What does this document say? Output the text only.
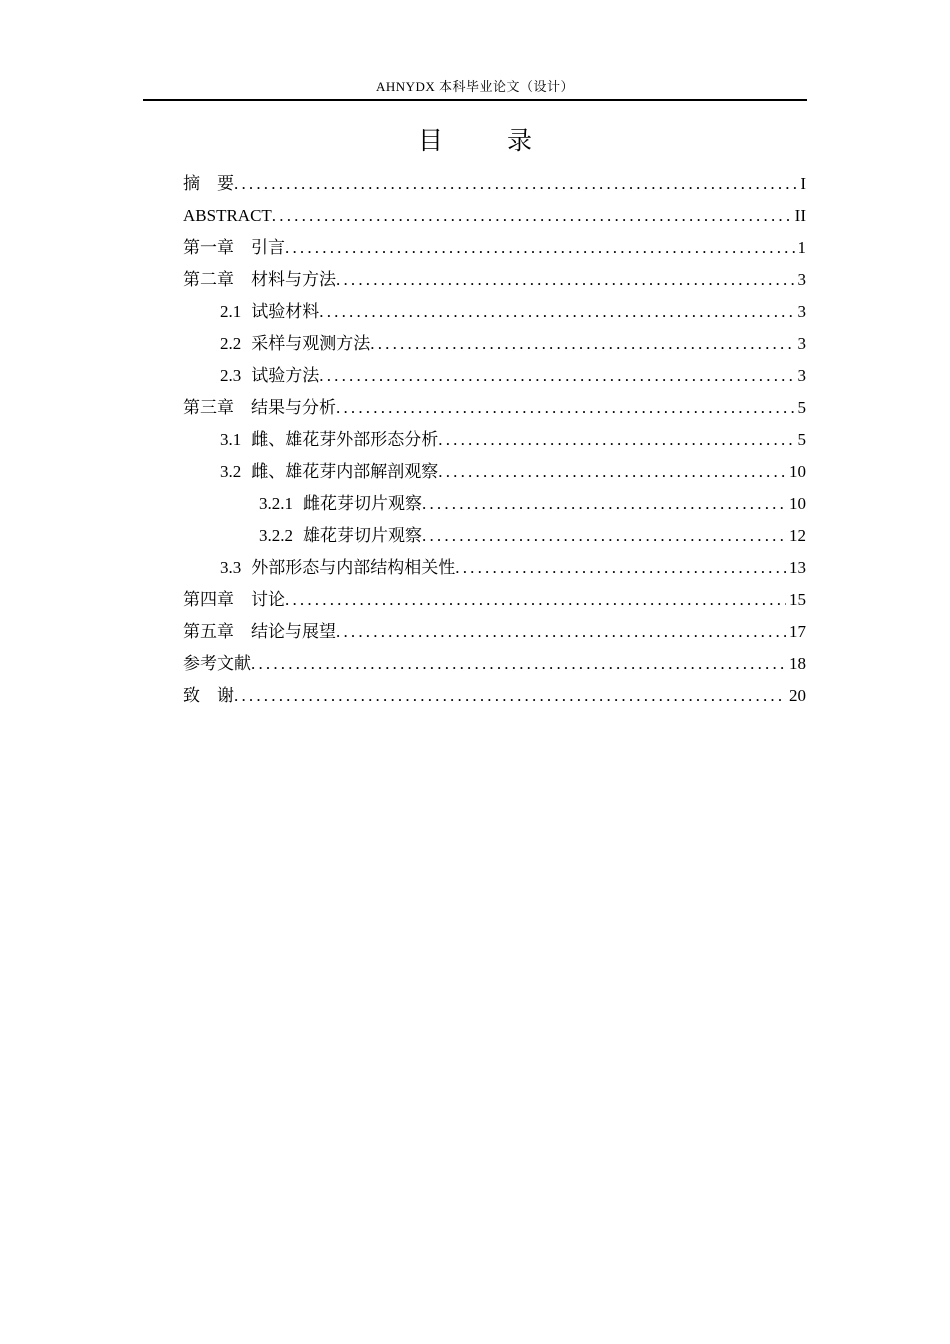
AHNYDX 本科毕业论文（设计）
目 录
摘　要 .....	I
ABSTRACT .....	II
第一章　引言 .....	1
第二章　材料与方法 .....	3
2.1 试验材料 .....	3
2.2 采样与观测方法 .....	3
2.3 试验方法 .....	3
第三章　结果与分析 .....	5
3.1 雌、雄花芽外部形态分析 .....	5
3.2 雌、雄花芽内部解剖观察 .....	10
3.2.1 雌花芽切片观察 .....	10
3.2.2 雄花芽切片观察 .....	12
3.3 外部形态与内部结构相关性 .....	13
第四章　讨论 .....	15
第五章　结论与展望 .....	17
参考文献 .....	18
致　谢 .....	20
